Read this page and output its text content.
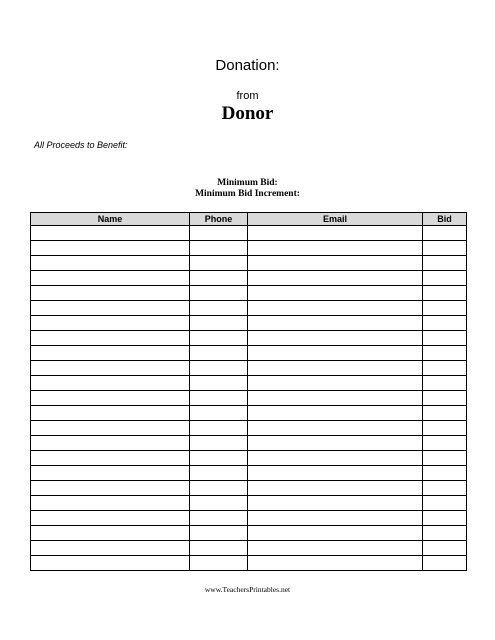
Donation:
from
Donor
All Proceeds to Benefit:
Minimum Bid:
Minimum Bid Increment:
Name	Phone	Email	Bid

www.TeachersPrintables.net
